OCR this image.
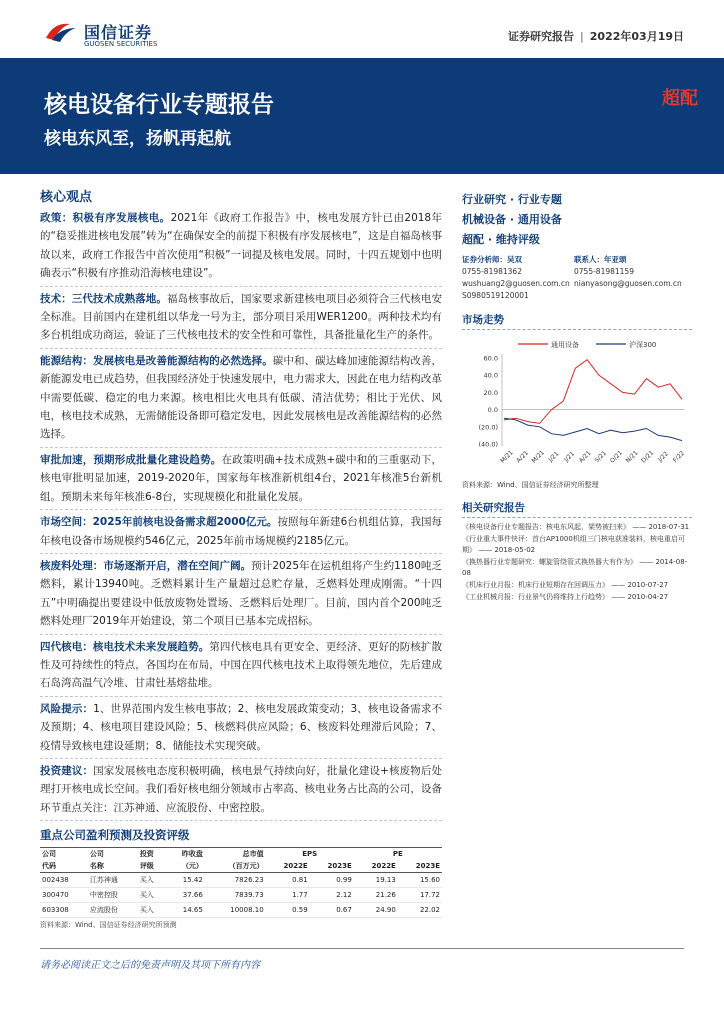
国信证券
GUOSEN SECURITIES
证券研究报告 | 2022年03月19日
核电设备行业专题报告
核电东风至，扬帆再起航
超配
核心观点
政策：积极有序发展核电。2021年《政府工作报告》中，核电发展方针已由2018年的“稳妥推进核电发展”转为“在确保安全的前提下积极有序发展核电”，这是自福岛核事故以来，政府工作报告中首次使用“积极”一词提及核电发展。同时，十四五规划中也明确表示“积极有序推动沿海核电建设”。
技术：三代技术成熟落地。福岛核事故后，国家要求新建核电项目必须符合三代核电安全标准。目前国内在建机组以华龙一号为主，部分项目采用WER1200。两种技术均有多台机组成功商运，验证了三代核电技术的安全性和可靠性，具备批量化生产的条件。
能源结构：发展核电是改善能源结构的必然选择。碳中和、碳达峰加速能源结构改善，新能源发电已成趋势，但我国经济处于快速发展中，电力需求大，因此在电力结构改革中需要低碳、稳定的电力来源。核电相比火电具有低碳、清洁优势；相比于光伏、风电，核电技术成熟，无需储能设备即可稳定发电，因此发展核电是改善能源结构的必然选择。
审批加速，预期形成批量化建设趋势。在政策明确+技术成熟+碳中和的三重驱动下，核电审批明显加速，2019-2020年，国家每年核准新机组4台，2021年核准5台新机组。预期未来每年核准6-8台，实现规模化和批量化发展。
市场空间：2025年前核电设备需求超2000亿元。按照每年新建6台机组估算，我国每年核电设备市场规模约546亿元，2025年前市场规模约2185亿元。
核废料处理：市场逐渐开启，潜在空间广阔。预计2025年在运机组将产生约1180吨乏燃料，累计13940吨。乏燃料累计生产量超过总贮存量，乏燃料处理成刚需。“十四五”中明确提出要建设中低放废物处置场、乏燃料后处理厂。目前，国内首个200吨乏燃料处理厂2019年开始建设，第二个项目已基本完成招标。
四代核电：核电技术未来发展趋势。第四代核电具有更安全、更经济、更好的防核扩散性及可持续性的特点，各国均在布局，中国在四代核电技术上取得领先地位，先后建成石岛湾高温气冷堆、甘肃钍基熔盐堆。
风险提示：1、世界范围内发生核电事故；2、核电发展政策变动；3、核电设备需求不及预期；4、核电项目建设风险；5、核燃料供应风险；6、核废料处理滞后风险；7、疫情导致核电建设延期；8、储能技术实现突破。
投资建议：国家发展核电态度积极明确，核电景气持续向好，批量化建设+核废物后处理打开核电成长空间。我们看好核电细分领域市占率高、核电业务占比高的公司，设备环节重点关注：江苏神通、应流股份、中密控股。
重点公司盈利预测及投资评级
公司	公司	投资	昨收盘	总市值	EPS		PE	
代码	名称	评级	（元）	（百万元）	2022E	2023E	2022E	2023E
002438	江苏神通	买入	15.42	7826.23	0.81	0.99	19.13	15.60
300470	中密控股	买入	37.66	7839.73	1.77	2.12	21.26	17.72
603308	应流股份	买入	14.65	10008.10	0.59	0.67	24.90	22.02
资料来源：Wind、国信证券经济研究所预测
行业研究 · 行业专题
机械设备 · 通用设备
超配 · 维持评级
证券分析师：吴双
0755-81981362
wushuang2@guosen.com.cn
S0980519120001
联系人：年亚颂
0755-81981159
nianyasong@guosen.com.cn
市场走势
通用设备	沪深300
60.0
40.0
20.0
0.0
(20.0)
(40.0)
M/21 A/21 M/21 J/21 J/21 A/21 S/21 O/21 N/21 D/21 J/22 F/22
资料来源：Wind、国信证券经济研究所整理
相关研究报告

《核电设备行业专题报告：核电东风起，架势被扫来》 —— 2018-07-31

《行业重大事件快评：首台AP1000机组三门核电获准装料，核电重启可期》 —— 2018-05-02

《换热器行业专题研究：螺旋管绕管式换热器大有作为》 —— 2014-08-08

《机床行业月报：机床行业短期存在回调压力》 —— 2010-07-27

《工业机械月报：行业景气仍将维持上行趋势》 —— 2010-04-27

请务必阅读正文之后的免责声明及其项下所有内容
